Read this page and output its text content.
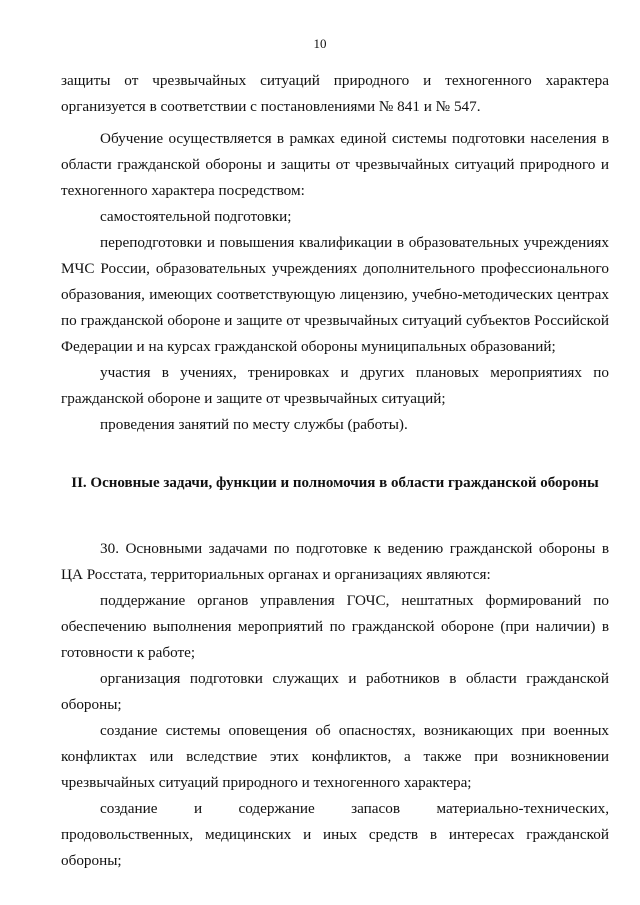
10

защиты от чрезвычайных ситуаций природного и техногенного характера организуется в соответствии с постановлениями № 841 и № 547.

Обучение осуществляется в рамках единой системы подготовки населения в области гражданской обороны и защиты от чрезвычайных ситуаций природного и техногенного характера посредством:

самостоятельной подготовки;

переподготовки и повышения квалификации в образовательных учреждениях МЧС России, образовательных учреждениях дополнительного профессионального образования, имеющих соответствующую лицензию, учебно-методических центрах по гражданской обороне и защите от чрезвычайных ситуаций субъектов Российской Федерации и на курсах гражданской обороны муниципальных образований;

участия в учениях, тренировках и других плановых мероприятиях по гражданской обороне и защите от чрезвычайных ситуаций;

проведения занятий по месту службы (работы).

II. Основные задачи, функции и полномочия в области гражданской обороны

30. Основными задачами по подготовке к ведению гражданской обороны в ЦА Росстата, территориальных органах и организациях являются:

поддержание органов управления ГОЧС, нештатных формирований по обеспечению выполнения мероприятий по гражданской обороне (при наличии) в готовности к работе;

организация подготовки служащих и работников в области гражданской обороны;

создание системы оповещения об опасностях, возникающих при военных конфликтах или вследствие этих конфликтов, а также при возникновении чрезвычайных ситуаций природного и техногенного характера;

создание и содержание запасов материально-технических, продовольственных, медицинских и иных средств в интересах гражданской обороны;
